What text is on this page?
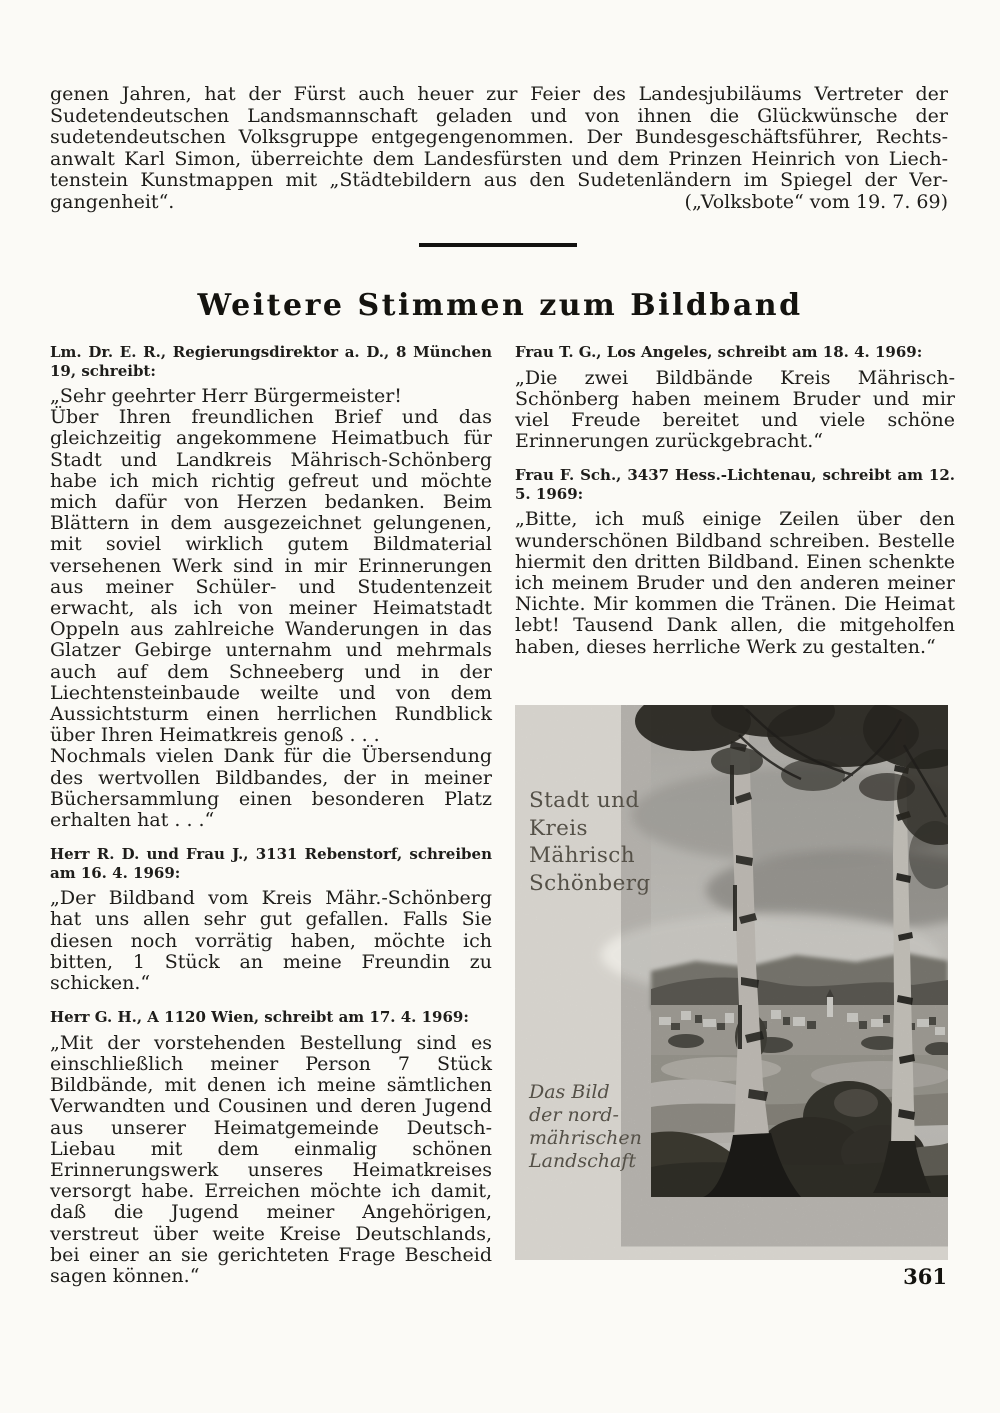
genen Jahren, hat der Fürst auch heuer zur Feier des Landesjubiläums Vertreter der
Sudetendeutschen Landsmannschaft geladen und von ihnen die Glückwünsche der
sudetendeutschen Volksgruppe entgegengenommen. Der Bundesgeschäftsführer, Rechts-
anwalt Karl Simon, überreichte dem Landesfürsten und dem Prinzen Heinrich von Liech-
tenstein Kunstmappen mit „Städtebildern aus den Sudetenländern im Spiegel der Ver-
gangenheit“.	(„Volksbote“ vom 19. 7. 69)
Weitere Stimmen zum Bildband
Lm. Dr. E. R., Regierungsdirektor a. D., 8 München 19, schreibt:
„Sehr geehrter Herr Bürgermeister!
Über Ihren freundlichen Brief und das gleichzeitig angekommene Heimatbuch für Stadt und Landkreis Mährisch-Schönberg habe ich mich richtig gefreut und möchte mich dafür von Herzen bedanken. Beim Blättern in dem ausgezeichnet gelungenen, mit soviel wirklich gutem Bildmaterial versehenen Werk sind in mir Erinnerungen aus meiner Schüler- und Studentenzeit erwacht, als ich von meiner Heimatstadt Oppeln aus zahlreiche Wanderungen in das Glatzer Gebirge unternahm und mehrmals auch auf dem Schneeberg und in der Liechtensteinbaude weilte und von dem Aussichtsturm einen herrlichen Rundblick über Ihren Heimatkreis genoß . . .
Nochmals vielen Dank für die Übersendung des wertvollen Bildbandes, der in meiner Büchersammlung einen besonderen Platz erhalten hat . . .“
Herr R. D. und Frau J., 3131 Rebenstorf, schreiben am 16. 4. 1969:
„Der Bildband vom Kreis Mähr.-Schönberg hat uns allen sehr gut gefallen. Falls Sie diesen noch vorrätig haben, möchte ich bitten, 1 Stück an meine Freundin zu schicken.“
Herr G. H., A 1120 Wien, schreibt am 17. 4. 1969:
„Mit der vorstehenden Bestellung sind es einschließlich meiner Person 7 Stück Bildbände, mit denen ich meine sämtlichen Verwandten und Cousinen und deren Jugend aus unserer Heimatgemeinde Deutsch-Liebau mit dem einmalig schönen Erinnerungswerk unseres Heimatkreises versorgt habe. Erreichen möchte ich damit, daß die Jugend meiner Angehörigen, verstreut über weite Kreise Deutschlands, bei einer an sie gerichteten Frage Bescheid sagen können.“
Frau T. G., Los Angeles, schreibt am 18. 4. 1969:
„Die zwei Bildbände Kreis Mährisch-Schönberg haben meinem Bruder und mir viel Freude bereitet und viele schöne Erinnerungen zurückgebracht.“
Frau F. Sch., 3437 Hess.-Lichtenau, schreibt am 12. 5. 1969:
„Bitte, ich muß einige Zeilen über den wunderschönen Bildband schreiben. Bestelle hiermit den dritten Bildband. Einen schenkte ich meinem Bruder und den anderen meiner Nichte. Mir kommen die Tränen. Die Heimat lebt! Tausend Dank allen, die mitgeholfen haben, dieses herrliche Werk zu gestalten.“
Stadt und
Kreis
Mährisch
Schönberg
Das Bild
der nord-
mährischen
Landschaft
361
